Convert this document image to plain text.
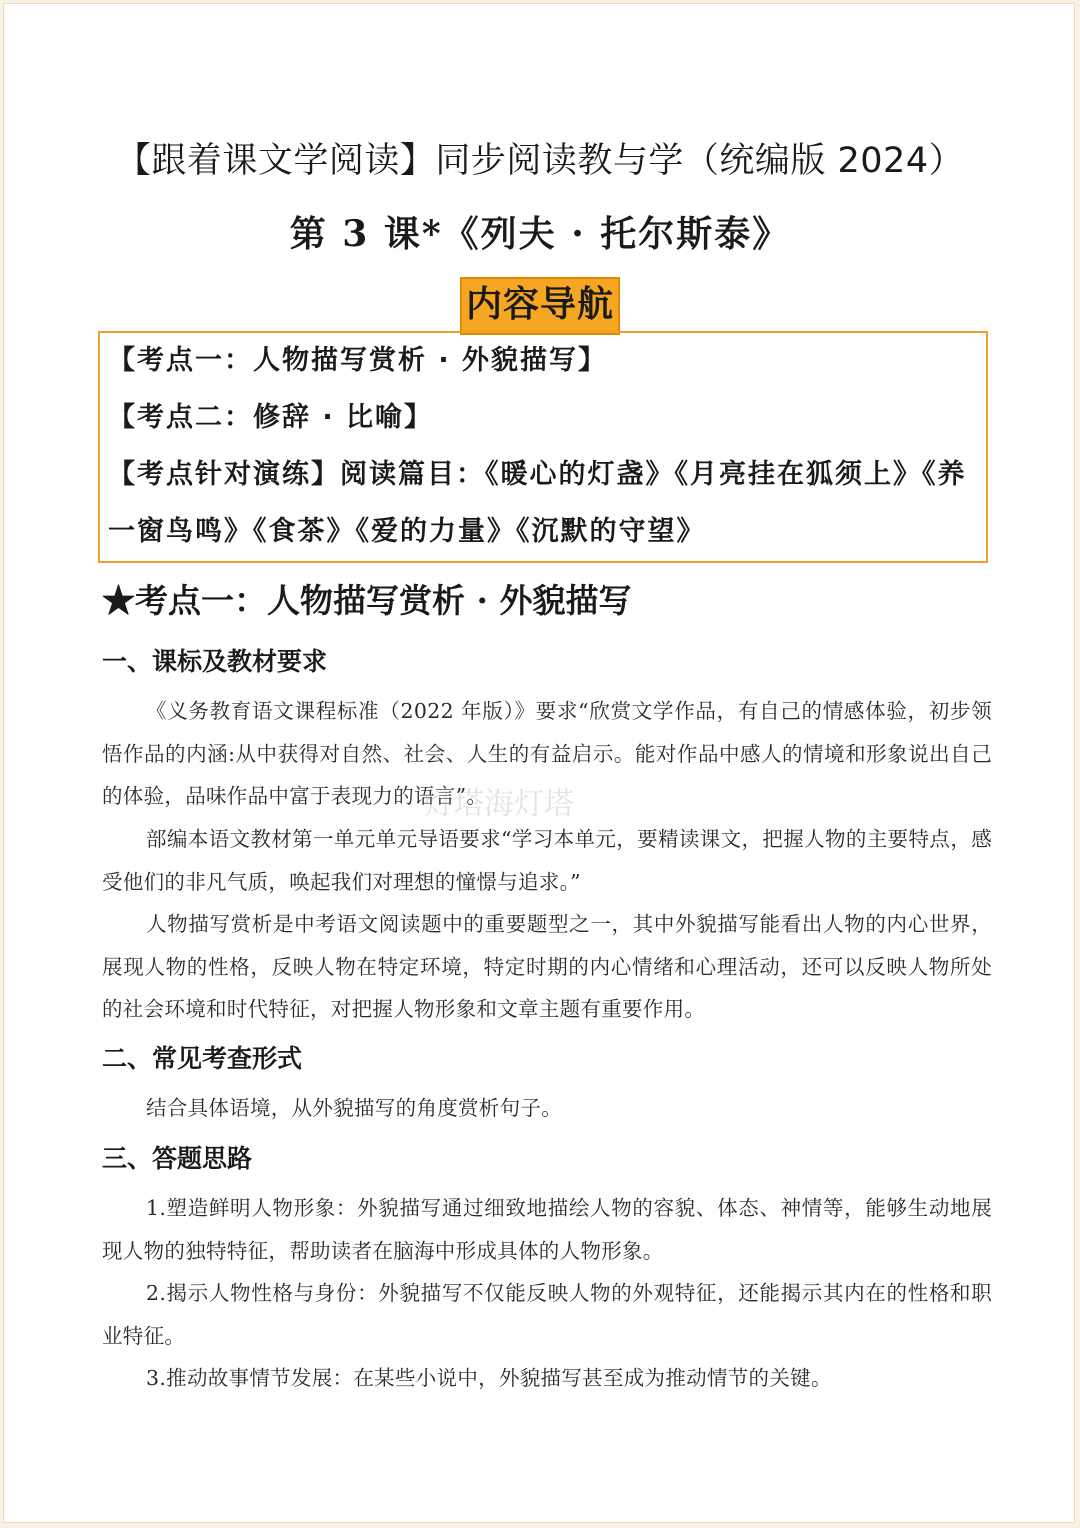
【跟着课文学阅读】同步阅读教与学（统编版 2024）
第 3 课*《列夫 · 托尔斯泰》
内容导航
【考点一：人物描写赏析 · 外貌描写】
【考点二：修辞 · 比喻】
【考点针对演练】阅读篇目：《暖心的灯盏》《月亮挂在狐须上》《养
一窗鸟鸣》《食茶》《爱的力量》《沉默的守望》
★考点一：人物描写赏析 · 外貌描写
一、课标及教材要求
《义务教育语文课程标准（2022 年版）》要求“欣赏文学作品，有自己的情感体验，初步领悟作品的内涵:从中获得对自然、社会、人生的有益启示。能对作品中感人的情境和形象说出自己的体验，品味作品中富于表现力的语言”。
部编本语文教材第一单元单元导语要求“学习本单元，要精读课文，把握人物的主要特点，感受他们的非凡气质，唤起我们对理想的憧憬与追求。”
人物描写赏析是中考语文阅读题中的重要题型之一，其中外貌描写能看出人物的内心世界，展现人物的性格，反映人物在特定环境，特定时期的内心情绪和心理活动，还可以反映人物所处的社会环境和时代特征，对把握人物形象和文章主题有重要作用。
二、常见考查形式
结合具体语境，从外貌描写的角度赏析句子。
三、答题思路
1.塑造鲜明人物形象：外貌描写通过细致地描绘人物的容貌、体态、神情等，能够生动地展现人物的独特特征，帮助读者在脑海中形成具体的人物形象。
2.揭示人物性格与身份：外貌描写不仅能反映人物的外观特征，还能揭示其内在的性格和职业特征。
3.推动故事情节发展：在某些小说中，外貌描写甚至成为推动情节的关键。
灯塔海灯塔
